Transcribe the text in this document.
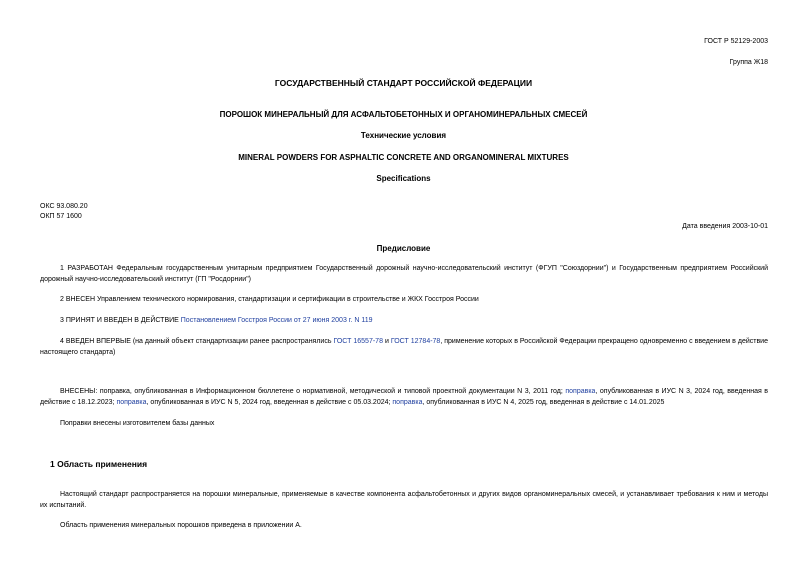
ГОСТ Р 52129-2003
Группа Ж18
ГОСУДАРСТВЕННЫЙ СТАНДАРТ РОССИЙСКОЙ ФЕДЕРАЦИИ
ПОРОШОК МИНЕРАЛЬНЫЙ ДЛЯ АСФАЛЬТОБЕТОННЫХ И ОРГАНОМИНЕРАЛЬНЫХ СМЕСЕЙ
Технические условия
MINERAL POWDERS FOR ASPHALTIC CONCRETE AND ORGANOMINERAL MIXTURES
Specifications
ОКС 93.080.20
ОКП 57 1600
Дата введения 2003-10-01
Предисловие
1 РАЗРАБОТАН Федеральным государственным унитарным предприятием Государственный дорожный научно-исследовательский институт (ФГУП "Союздорнии") и Государственным предприятием Российский дорожный научно-исследовательский институт (ГП "Росдорнии")
2 ВНЕСЕН Управлением технического нормирования, стандартизации и сертификации в строительстве и ЖКХ Госстроя России
3 ПРИНЯТ И ВВЕДЕН В ДЕЙСТВИЕ Постановлением Госстроя России от 27 июня 2003 г. N 119
4 ВВЕДЕН ВПЕРВЫЕ (на данный объект стандартизации ранее распространялись ГОСТ 16557-78 и ГОСТ 12784-78, применение которых в Российской Федерации прекращено одновременно с введением в действие настоящего стандарта)
ВНЕСЕНЫ: поправка, опубликованная в Информационном бюллетене о нормативной, методической и типовой проектной документации N 3, 2011 год; поправка, опубликованная в ИУС N 3, 2024 год, введенная в действие с 18.12.2023; поправка, опубликованная в ИУС N 5, 2024 год, введенная в действие с 05.03.2024; поправка, опубликованная в ИУС N 4, 2025 год, введенная в действие с 14.01.2025
Поправки внесены изготовителем базы данных
1 Область применения
Настоящий стандарт распространяется на порошки минеральные, применяемые в качестве компонента асфальтобетонных и других видов органоминеральных смесей, и устанавливает требования к ним и методы их испытаний.
Область применения минеральных порошков приведена в приложении А.
